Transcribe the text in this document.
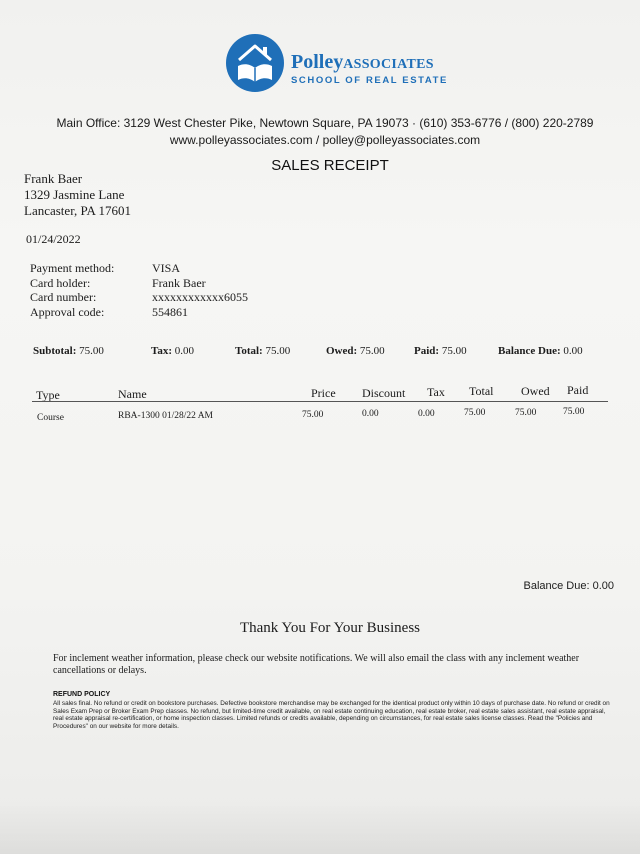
PolleyASSOCIATES
SCHOOL OF REAL ESTATE
Main Office: 3129 West Chester Pike, Newtown Square, PA 19073 · (610) 353-6776 / (800) 220-2789
www.polleyassociates.com / polley@polleyassociates.com
SALES RECEIPT
Frank Baer
1329 Jasmine Lane
Lancaster, PA 17601
01/24/2022
Payment method:	VISA
Card holder:	Frank Baer
Card number:	xxxxxxxxxxxx6055
Approval code:	554861
Subtotal: 75.00	Tax: 0.00	Total: 75.00	Owed: 75.00	Paid: 75.00	Balance Due: 0.00
Type	Name	Price Discount Tax Total Owed Paid
Course	RBA-1300 01/28/22 AM	75.00	0.00	0.00	75.00	75.00	75.00
Balance Due: 0.00
Thank You For Your Business
For inclement weather information, please check our website notifications. We will also email the class with any inclement weather cancellations or delays.
REFUND POLICY
All sales final. No refund or credit on bookstore purchases. Defective bookstore merchandise may be exchanged for the identical product only within 10 days of purchase date. No refund or credit on Sales Exam Prep or Broker Exam Prep classes. No refund, but limited-time credit available, on real estate continuing education, real estate broker, real estate sales assistant, real estate appraisal, real estate appraisal re-certification, or home inspection classes. Limited refunds or credits available, depending on circumstances, for real estate sales license classes. Read the "Policies and Procedures" on our website for more details.
